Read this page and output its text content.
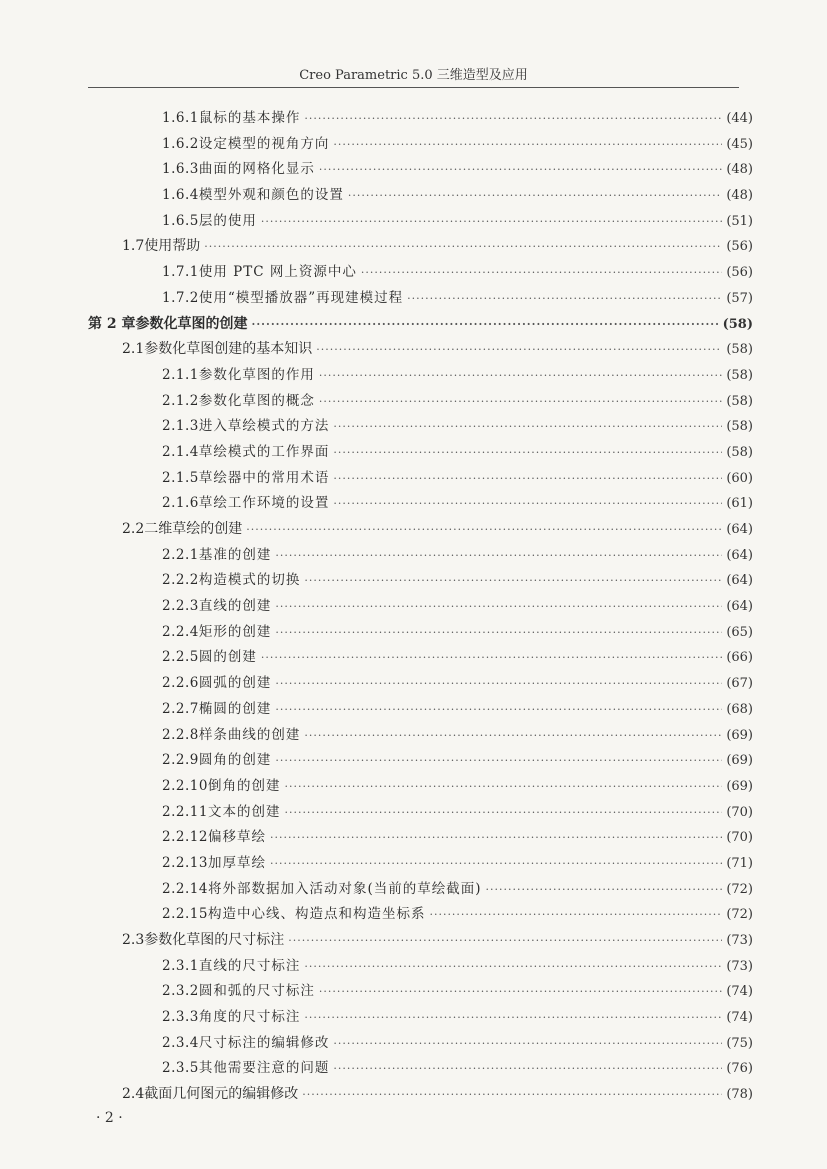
Creo Parametric 5.0 三维造型及应用
1.6.1 鼠标的基本操作 ·····	(44)
1.6.2 设定模型的视角方向 ·····	(45)
1.6.3 曲面的网格化显示 ·····	(48)
1.6.4 模型外观和颜色的设置 ·····	(48)
1.6.5 层的使用 ·····	(51)
1.7 使用帮助 ·····	(56)
1.7.1 使用 PTC 网上资源中心 ·····	(56)
1.7.2 使用“模型播放器”再现建模过程 ·····	(57)
第 2 章 参数化草图的创建 ·····	(58)
2.1 参数化草图创建的基本知识 ·····	(58)
2.1.1 参数化草图的作用 ·····	(58)
2.1.2 参数化草图的概念 ·····	(58)
2.1.3 进入草绘模式的方法 ·····	(58)
2.1.4 草绘模式的工作界面 ·····	(58)
2.1.5 草绘器中的常用术语 ·····	(60)
2.1.6 草绘工作环境的设置 ·····	(61)
2.2 二维草绘的创建 ·····	(64)
2.2.1 基准的创建 ·····	(64)
2.2.2 构造模式的切换 ·····	(64)
2.2.3 直线的创建 ·····	(64)
2.2.4 矩形的创建 ·····	(65)
2.2.5 圆的创建 ·····	(66)
2.2.6 圆弧的创建 ·····	(67)
2.2.7 椭圆的创建 ·····	(68)
2.2.8 样条曲线的创建 ·····	(69)
2.2.9 圆角的创建 ·····	(69)
2.2.10 倒角的创建 ·····	(69)
2.2.11 文本的创建 ·····	(70)
2.2.12 偏移草绘 ·····	(70)
2.2.13 加厚草绘 ·····	(71)
2.2.14 将外部数据加入活动对象(当前的草绘截面) ·····	(72)
2.2.15 构造中心线、构造点和构造坐标系 ·····	(72)
2.3 参数化草图的尺寸标注 ·····	(73)
2.3.1 直线的尺寸标注 ·····	(73)
2.3.2 圆和弧的尺寸标注 ·····	(74)
2.3.3 角度的尺寸标注 ·····	(74)
2.3.4 尺寸标注的编辑修改 ·····	(75)
2.3.5 其他需要注意的问题 ·····	(76)
2.4 截面几何图元的编辑修改 ·····	(78)
· 2 ·
